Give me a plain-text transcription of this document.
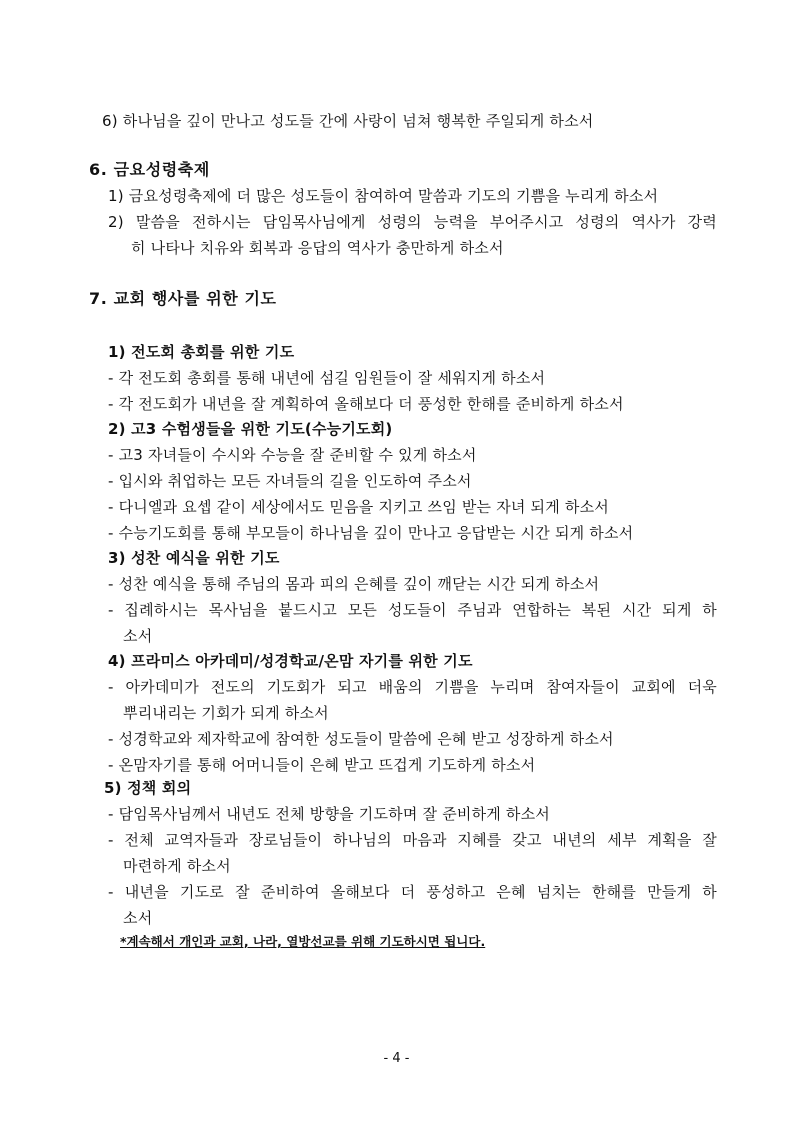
6) 하나님을 깊이 만나고 성도들 간에 사랑이 넘쳐 행복한 주일되게 하소서
6. 금요성령축제
1) 금요성령축제에 더 많은 성도들이 참여하여 말씀과 기도의 기쁨을 누리게 하소서
2) 말씀을 전하시는 담임목사님에게 성령의 능력을 부어주시고 성령의 역사가 강력
히 나타나 치유와 회복과 응답의 역사가 충만하게 하소서
7. 교회 행사를 위한 기도
1) 전도회 총회를 위한 기도
- 각 전도회 총회를 통해 내년에 섬길 임원들이 잘 세워지게 하소서
- 각 전도회가 내년을 잘 계획하여 올해보다 더 풍성한 한해를 준비하게 하소서
2) 고3 수험생들을 위한 기도(수능기도회)
- 고3 자녀들이 수시와 수능을 잘 준비할 수 있게 하소서
- 입시와 취업하는 모든 자녀들의 길을 인도하여 주소서
- 다니엘과 요셉 같이 세상에서도 믿음을 지키고 쓰임 받는 자녀 되게 하소서
- 수능기도회를 통해 부모들이 하나님을 깊이 만나고 응답받는 시간 되게 하소서
3) 성찬 예식을 위한 기도
- 성찬 예식을 통해 주님의 몸과 피의 은혜를 깊이 깨닫는 시간 되게 하소서
- 집례하시는 목사님을 붙드시고 모든 성도들이 주님과 연합하는 복된 시간 되게 하
소서
4) 프라미스 아카데미/성경학교/온맘 자기를 위한 기도
- 아카데미가 전도의 기도회가 되고 배움의 기쁨을 누리며 참여자들이 교회에 더욱
뿌리내리는 기회가 되게 하소서
- 성경학교와 제자학교에 참여한 성도들이 말씀에 은혜 받고 성장하게 하소서
- 온맘자기를 통해 어머니들이 은혜 받고 뜨겁게 기도하게 하소서
5) 정책 회의
- 담임목사님께서 내년도 전체 방향을 기도하며 잘 준비하게 하소서
- 전체 교역자들과 장로님들이 하나님의 마음과 지혜를 갖고 내년의 세부 계획을 잘
마련하게 하소서
- 내년을 기도로 잘 준비하여 올해보다 더 풍성하고 은혜 넘치는 한해를 만들게 하
소서
*계속해서 개인과 교회, 나라, 열방선교를 위해 기도하시면 됩니다.
- 4 -
